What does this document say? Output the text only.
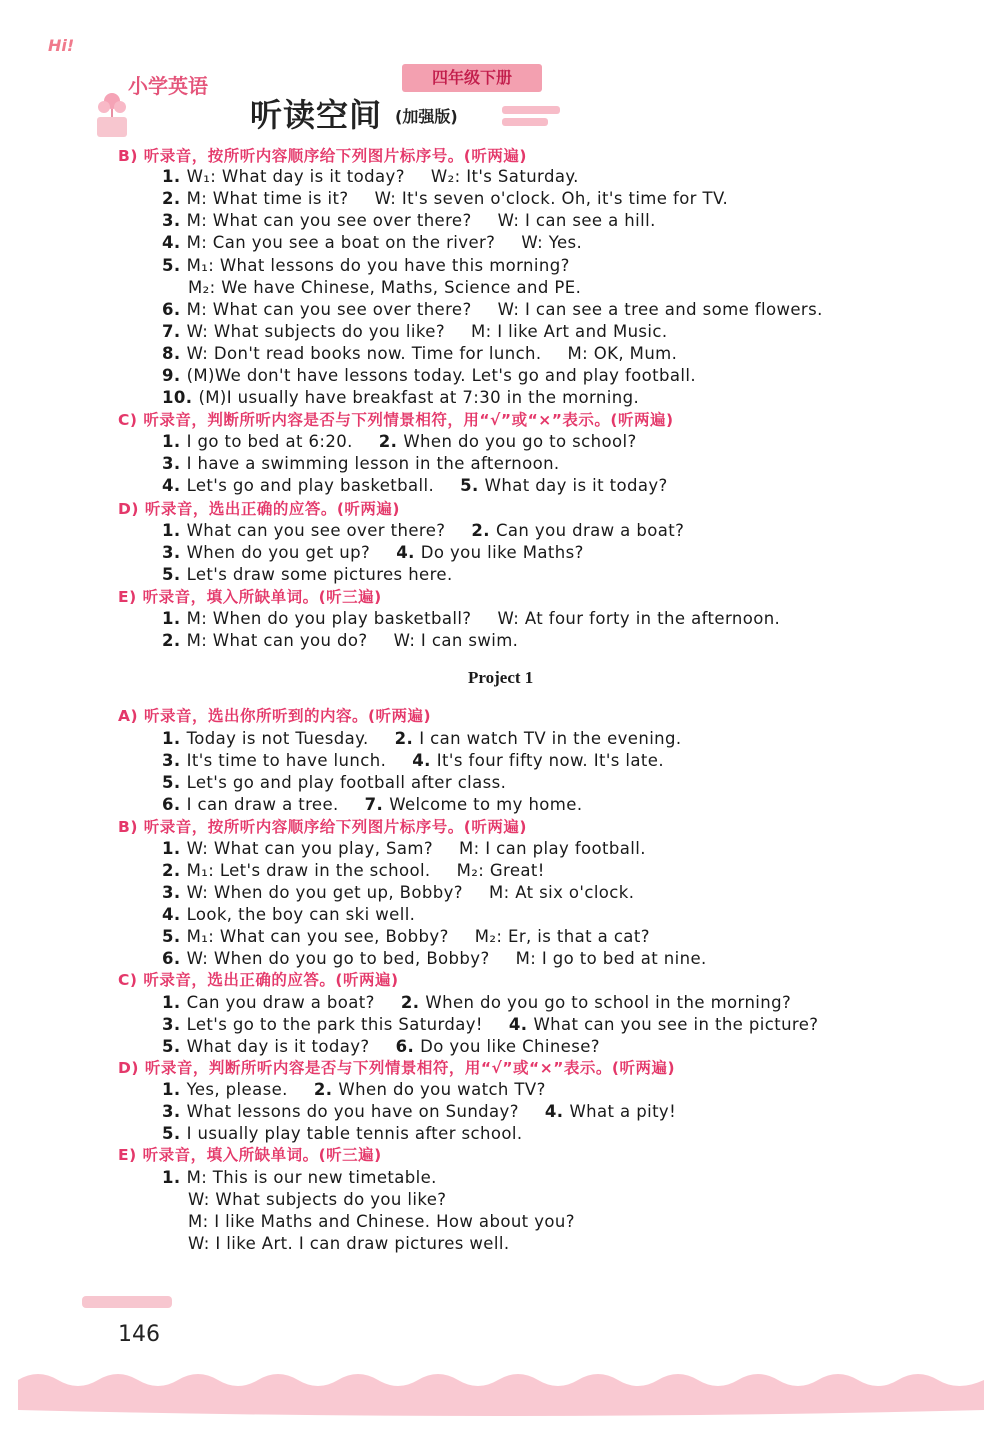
Hi!
小学英语	四年级下册
听读空间 (加强版)
B) 听录音，按所听内容顺序给下列图片标序号。(听两遍)
1. W₁: What day is it today? W₂: It's Saturday.
2. M: What time is it? W: It's seven o'clock. Oh, it's time for TV.
3. M: What can you see over there? W: I can see a hill.
4. M: Can you see a boat on the river? W: Yes.
5. M₁: What lessons do you have this morning?
M₂: We have Chinese, Maths, Science and PE.
6. M: What can you see over there? W: I can see a tree and some flowers.
7. W: What subjects do you like? M: I like Art and Music.
8. W: Don't read books now. Time for lunch. M: OK, Mum.
9. (M)We don't have lessons today. Let's go and play football.
10. (M)I usually have breakfast at 7:30 in the morning.
C) 听录音，判断所听内容是否与下列情景相符，用“√”或“×”表示。(听两遍)
1. I go to bed at 6:20. 2. When do you go to school?
3. I have a swimming lesson in the afternoon.
4. Let's go and play basketball. 5. What day is it today?
D) 听录音，选出正确的应答。(听两遍)
1. What can you see over there? 2. Can you draw a boat?
3. When do you get up? 4. Do you like Maths?
5. Let's draw some pictures here.
E) 听录音，填入所缺单词。(听三遍)
1. M: When do you play basketball? W: At four forty in the afternoon.
2. M: What can you do? W: I can swim.
A) 听录音，选出你所听到的内容。(听两遍)
1. Today is not Tuesday. 2. I can watch TV in the evening.
3. It's time to have lunch. 4. It's four fifty now. It's late.
5. Let's go and play football after class.
6. I can draw a tree. 7. Welcome to my home.
B) 听录音，按所听内容顺序给下列图片标序号。(听两遍)
1. W: What can you play, Sam? M: I can play football.
2. M₁: Let's draw in the school. M₂: Great!
3. W: When do you get up, Bobby? M: At six o'clock.
4. Look, the boy can ski well.
5. M₁: What can you see, Bobby? M₂: Er, is that a cat?
6. W: When do you go to bed, Bobby? M: I go to bed at nine.
C) 听录音，选出正确的应答。(听两遍)
1. Can you draw a boat? 2. When do you go to school in the morning?
3. Let's go to the park this Saturday! 4. What can you see in the picture?
5. What day is it today? 6. Do you like Chinese?
D) 听录音，判断所听内容是否与下列情景相符，用“√”或“×”表示。(听两遍)
1. Yes, please. 2. When do you watch TV?
3. What lessons do you have on Sunday? 4. What a pity!
5. I usually play table tennis after school.
E) 听录音，填入所缺单词。(听三遍)
1. M: This is our new timetable.
W: What subjects do you like?
M: I like Maths and Chinese. How about you?
W: I like Art. I can draw pictures well.
Project 1
146
